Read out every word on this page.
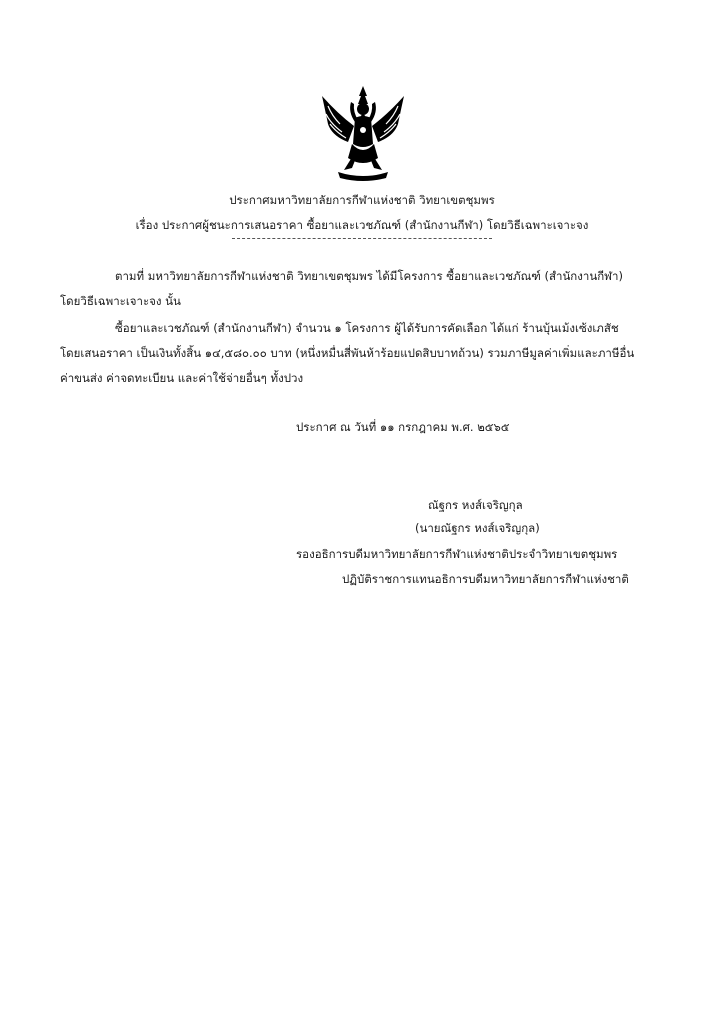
ประกาศมหาวิทยาลัยการกีฬาแห่งชาติ วิทยาเขตชุมพร
เรื่อง ประกาศผู้ชนะการเสนอราคา ซื้อยาและเวชภัณฑ์ (สำนักงานกีฬา) โดยวิธีเฉพาะเจาะจง
ตามที่ มหาวิทยาลัยการกีฬาแห่งชาติ วิทยาเขตชุมพร ได้มีโครงการ ซื้อยาและเวชภัณฑ์ (สำนักงานกีฬา)
โดยวิธีเฉพาะเจาะจง นั้น
ซื้อยาและเวชภัณฑ์ (สำนักงานกีฬา) จำนวน ๑ โครงการ ผู้ได้รับการคัดเลือก ได้แก่ ร้านบุ้นเม้งเซ้งเภสัช
โดยเสนอราคา เป็นเงินทั้งสิ้น ๑๔,๕๘๐.๐๐ บาท (หนึ่งหมื่นสี่พันห้าร้อยแปดสิบบาทถ้วน) รวมภาษีมูลค่าเพิ่มและภาษีอื่น
ค่าขนส่ง ค่าจดทะเบียน และค่าใช้จ่ายอื่นๆ ทั้งปวง
ประกาศ ณ วันที่ ๑๑ กรกฎาคม พ.ศ. ๒๕๖๕
ณัฐกร หงส์เจริญกุล
(นายณัฐกร หงส์เจริญกุล)
รองอธิการบดีมหาวิทยาลัยการกีฬาแห่งชาติประจำวิทยาเขตชุมพร
ปฏิบัติราชการแทนอธิการบดีมหาวิทยาลัยการกีฬาแห่งชาติ
